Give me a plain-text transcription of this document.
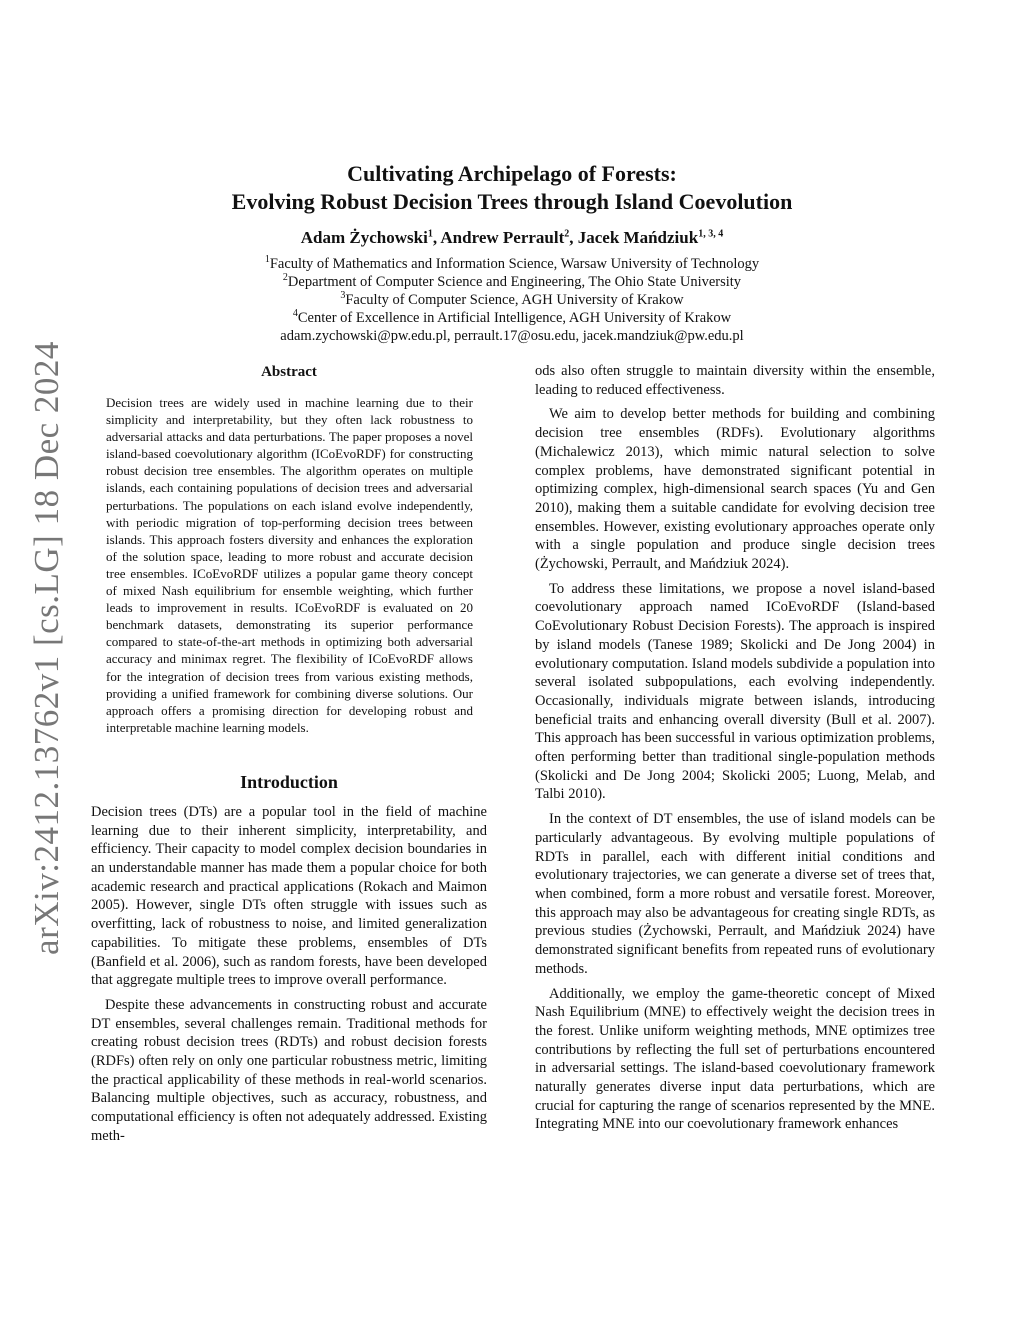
arXiv:2412.13762v1 [cs.LG] 18 Dec 2024
Cultivating Archipelago of Forests:
Evolving Robust Decision Trees through Island Coevolution
Adam Żychowski$^1$, Andrew Perrault$^2$, Jacek Mańdziuk$^{1, 3, 4}$
$^1$Faculty of Mathematics and Information Science, Warsaw University of Technology
$^2$Department of Computer Science and Engineering, The Ohio State University
$^3$Faculty of Computer Science, AGH University of Krakow
$^4$Center of Excellence in Artificial Intelligence, AGH University of Krakow
adam.zychowski@pw.edu.pl, perrault.17@osu.edu, jacek.mandziuk@pw.edu.pl
Abstract
Decision trees are widely used in machine learning due to their simplicity and interpretability, but they often lack robustness to adversarial attacks and data perturbations. The paper proposes a novel island-based coevolutionary algorithm (ICoEvoRDF) for constructing robust decision tree ensembles. The algorithm operates on multiple islands, each containing populations of decision trees and adversarial perturbations. The populations on each island evolve independently, with periodic migration of top-performing decision trees between islands. This approach fosters diversity and enhances the exploration of the solution space, leading to more robust and accurate decision tree ensembles. ICoEvoRDF utilizes a popular game theory concept of mixed Nash equilibrium for ensemble weighting, which further leads to improvement in results. ICoEvoRDF is evaluated on 20 benchmark datasets, demonstrating its superior performance compared to state-of-the-art methods in optimizing both adversarial accuracy and minimax regret. The flexibility of ICoEvoRDF allows for the integration of decision trees from various existing methods, providing a unified framework for combining diverse solutions. Our approach offers a promising direction for developing robust and interpretable machine learning models.
Introduction

Decision trees (DTs) are a popular tool in the field of machine learning due to their inherent simplicity, interpretability, and efficiency. Their capacity to model complex decision boundaries in an understandable manner has made them a popular choice for both academic research and practical applications (Rokach and Maimon 2005). However, single DTs often struggle with issues such as overfitting, lack of robustness to noise, and limited generalization capabilities. To mitigate these problems, ensembles of DTs (Banfield et al. 2006), such as random forests, have been developed that aggregate multiple trees to improve overall performance.

Despite these advancements in constructing robust and accurate DT ensembles, several challenges remain. Traditional methods for creating robust decision trees (RDTs) and robust decision forests (RDFs) often rely on only one particular robustness metric, limiting the practical applicability of these methods in real-world scenarios. Balancing multiple objectives, such as accuracy, robustness, and computational efficiency is often not adequately addressed. Existing meth-

ods also often struggle to maintain diversity within the ensemble, leading to reduced effectiveness.

We aim to develop better methods for building and combining decision tree ensembles (RDFs). Evolutionary algorithms (Michalewicz 2013), which mimic natural selection to solve complex problems, have demonstrated significant potential in optimizing complex, high-dimensional search spaces (Yu and Gen 2010), making them a suitable candidate for evolving decision tree ensembles. However, existing evolutionary approaches operate only with a single population and produce single decision trees (Żychowski, Perrault, and Mańdziuk 2024).

To address these limitations, we propose a novel island-based coevolutionary approach named ICoEvoRDF (Island-based CoEvolutionary Robust Decision Forests). The approach is inspired by island models (Tanese 1989; Skolicki and De Jong 2004) in evolutionary computation. Island models subdivide a population into several isolated subpopulations, each evolving independently. Occasionally, individuals migrate between islands, introducing beneficial traits and enhancing overall diversity (Bull et al. 2007). This approach has been successful in various optimization problems, often performing better than traditional single-population methods (Skolicki and De Jong 2004; Skolicki 2005; Luong, Melab, and Talbi 2010).

In the context of DT ensembles, the use of island models can be particularly advantageous. By evolving multiple populations of RDTs in parallel, each with different initial conditions and evolutionary trajectories, we can generate a diverse set of trees that, when combined, form a more robust and versatile forest. Moreover, this approach may also be advantageous for creating single RDTs, as previous studies (Żychowski, Perrault, and Mańdziuk 2024) have demonstrated significant benefits from repeated runs of evolutionary methods.

Additionally, we employ the game-theoretic concept of Mixed Nash Equilibrium (MNE) to effectively weight the decision trees in the forest. Unlike uniform weighting methods, MNE optimizes tree contributions by reflecting the full set of perturbations encountered in adversarial settings. The island-based coevolutionary framework naturally generates diverse input data perturbations, which are crucial for capturing the range of scenarios represented by the MNE. Integrating MNE into our coevolutionary framework enhances
